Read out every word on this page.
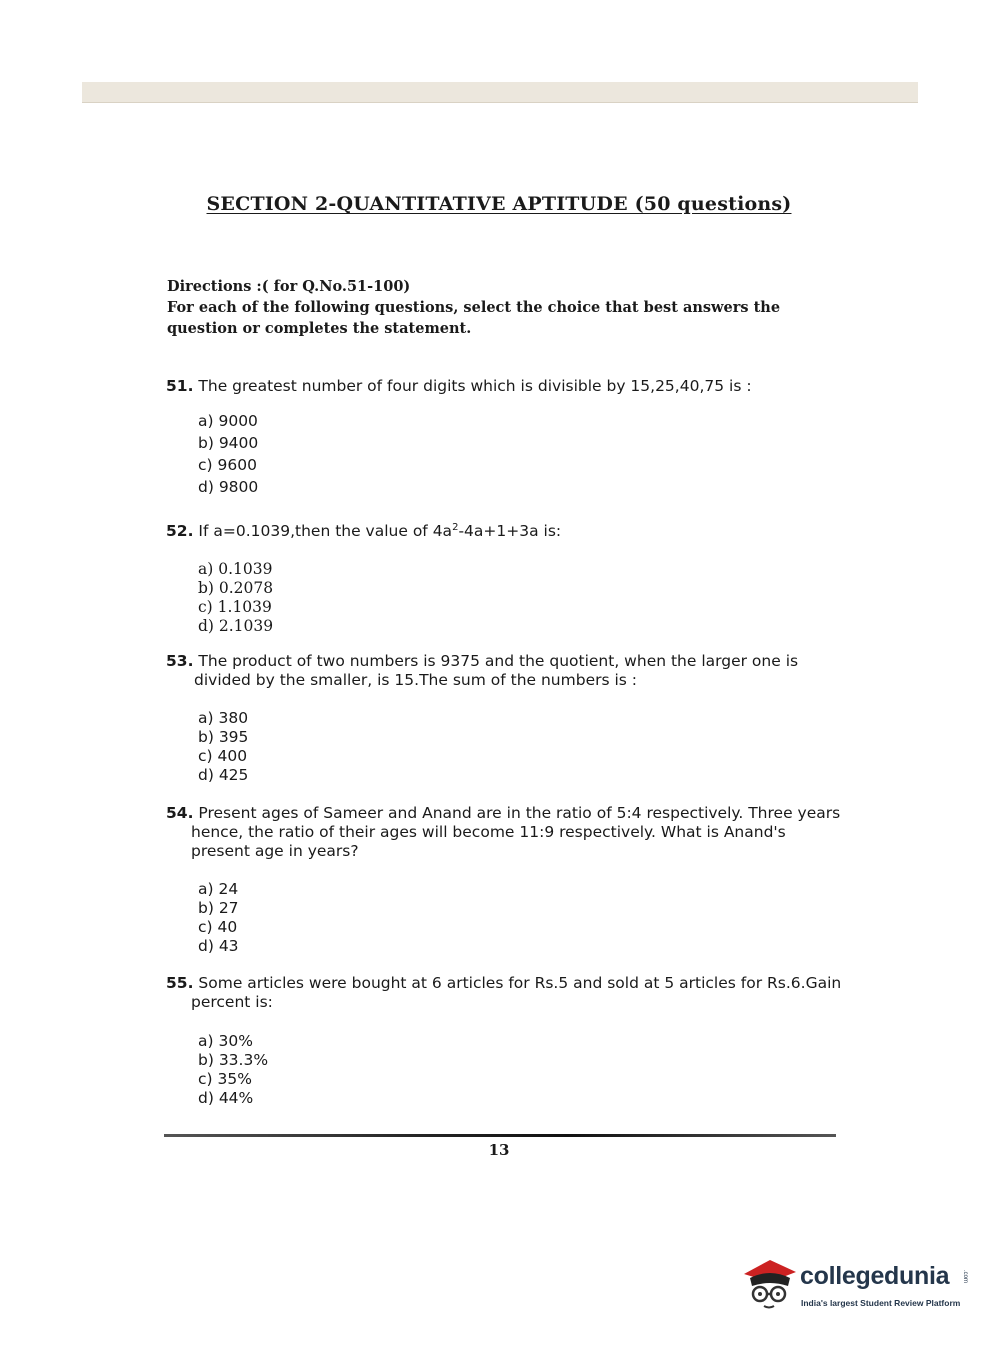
SECTION 2-QUANTITATIVE APTITUDE (50 questions)
Directions :( for Q.No.51-100)
For each of the following questions, select the choice that best answers the question or completes the statement.
51. The greatest number of four digits which is divisible by 15,25,40,75 is :
a) 9000
b) 9400
c) 9600
d) 9800
52. If a=0.1039,then the value of $4a^2-4a+1+3a$ is:
a) 0.1039
b) 0.2078
c) 1.1039
d) 2.1039
53. The product of two numbers is 9375 and the quotient, when the larger one is divided by the smaller, is 15.The sum of the numbers is :
a) 380
b) 395
c) 400
d) 425
54. Present ages of Sameer and Anand are in the ratio of 5:4 respectively. Three years hence, the ratio of their ages will become 11:9 respectively. What is Anand's present age in years?
a) 24
b) 27
c) 40
d) 43
55. Some articles were bought at 6 articles for Rs.5 and sold at 5 articles for Rs.6.Gain percent is:
a) 30%
b) 33.3%
c) 35%
d) 44%
13
collegedunia .com
India's largest Student Review Platform
